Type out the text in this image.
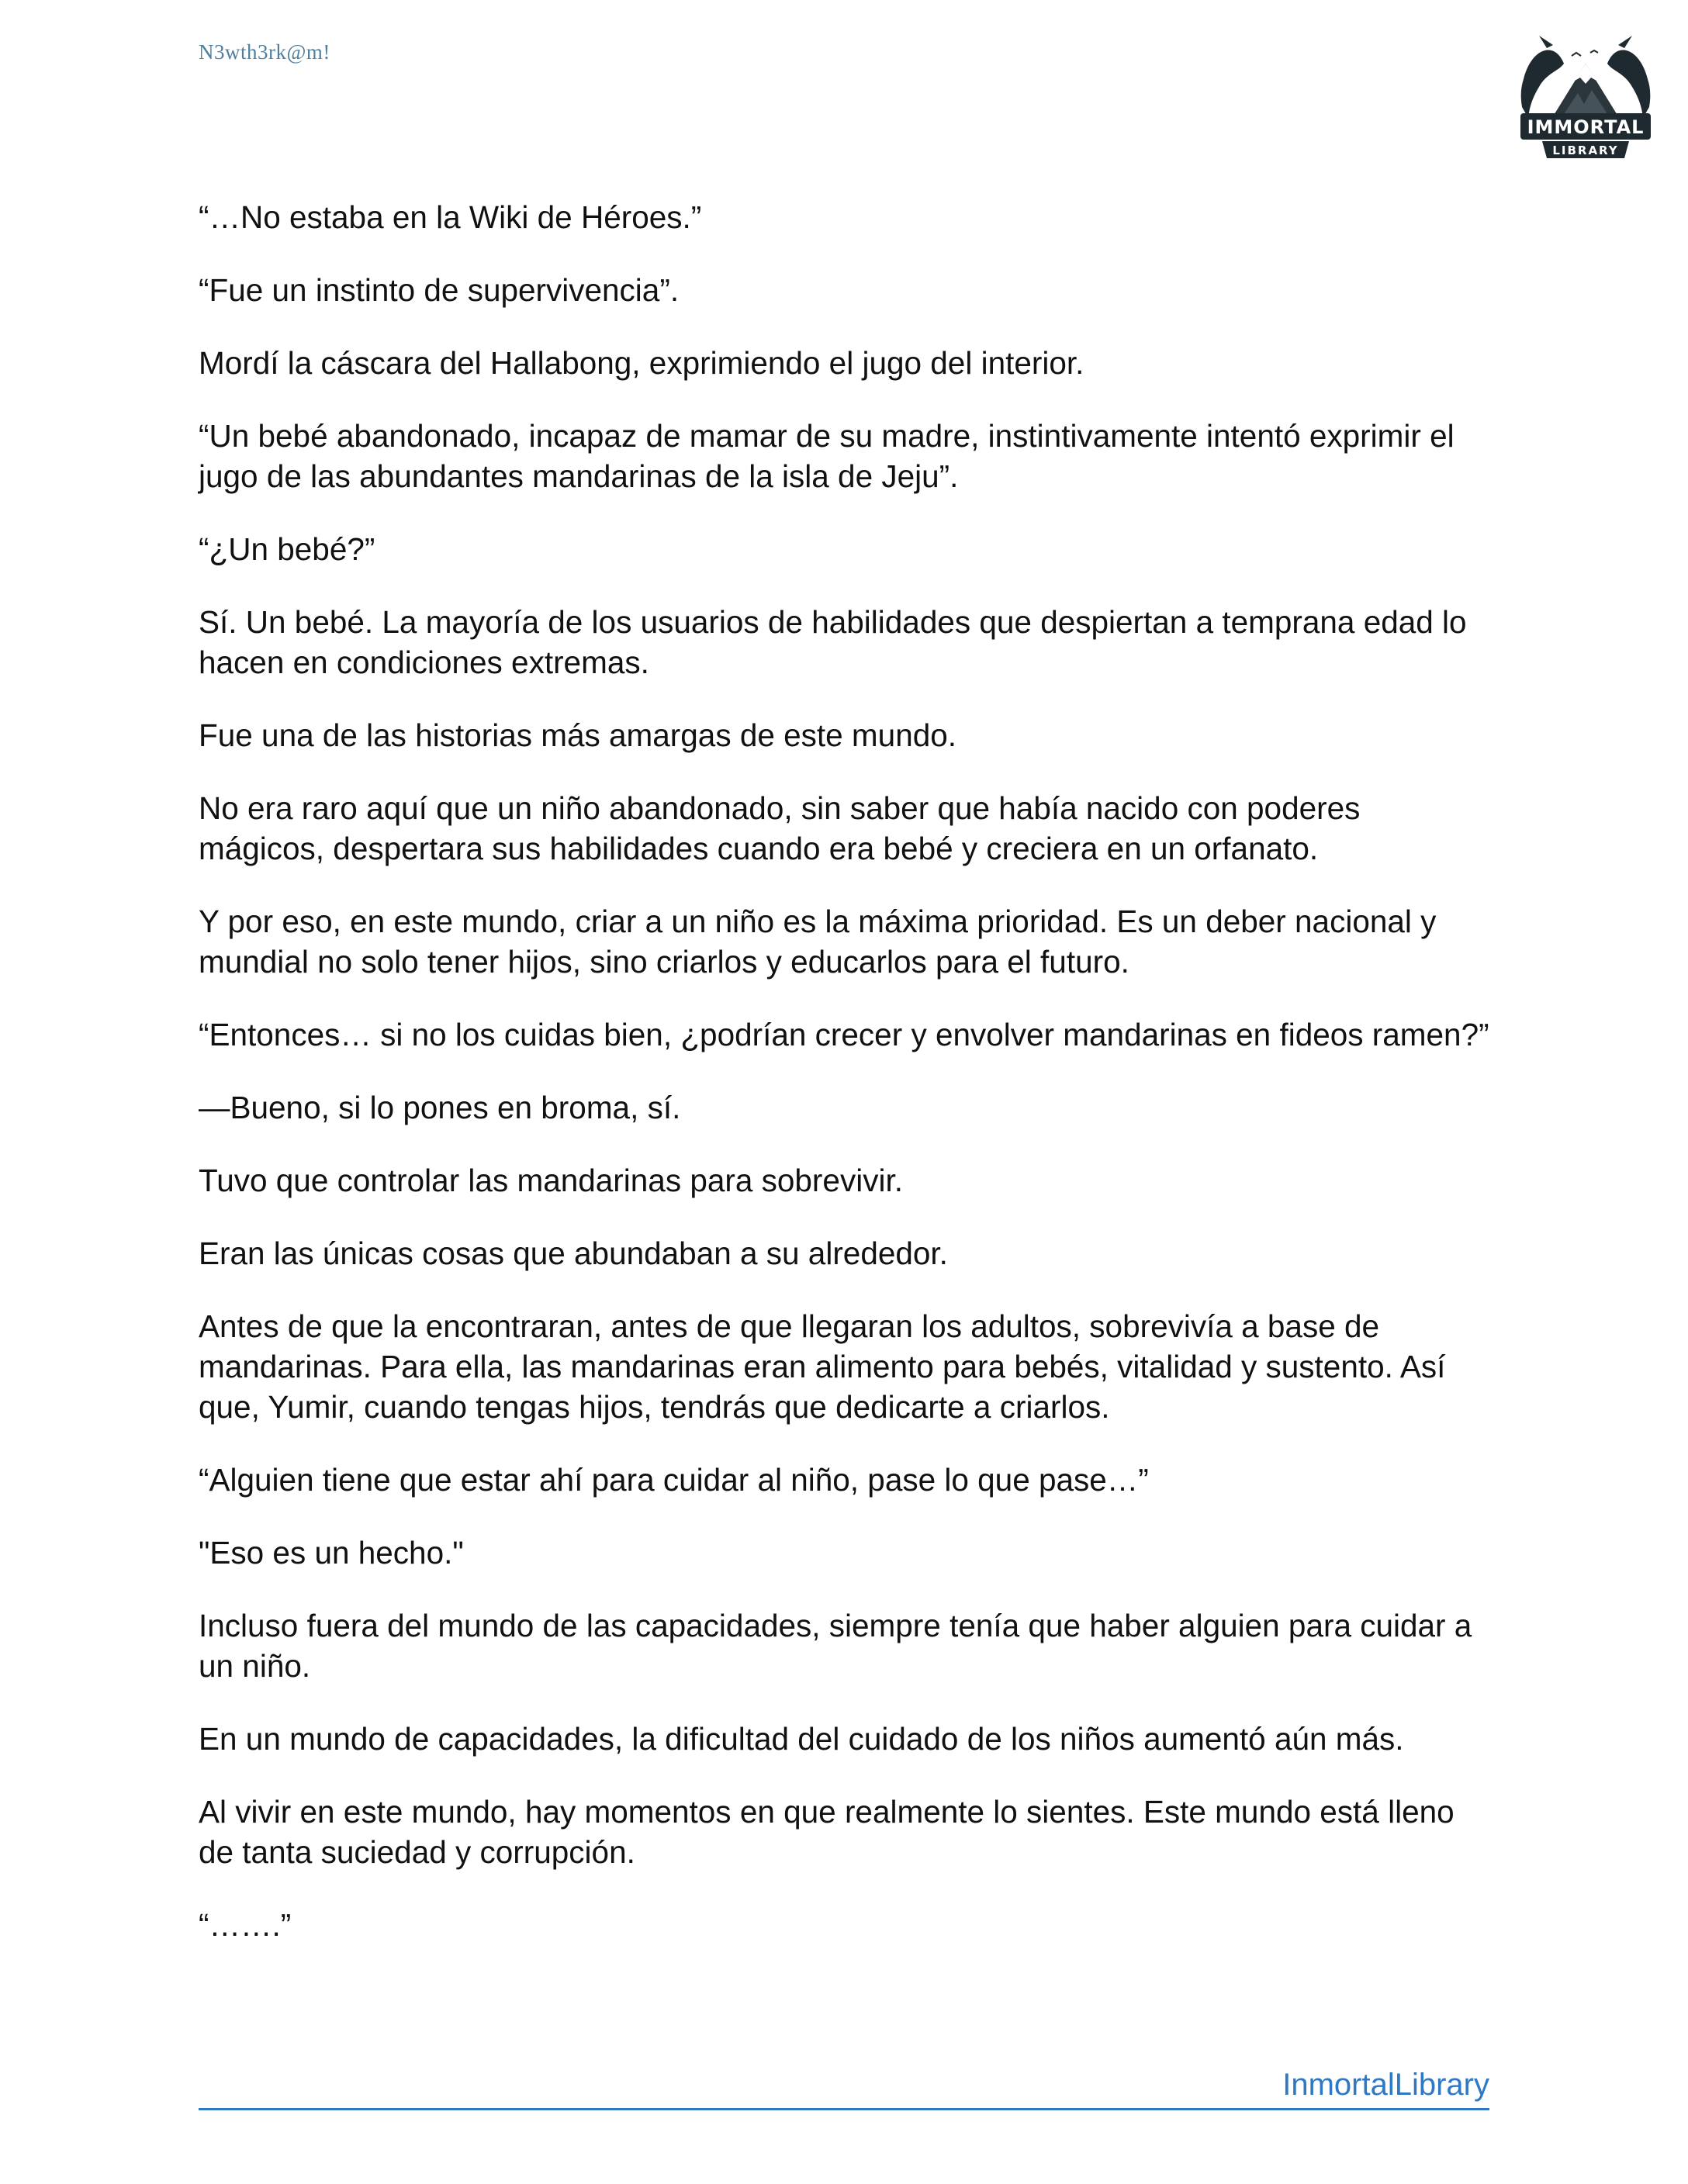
N3wth3rk@m!
IMMORTAL
LIBRARY

“…No estaba en la Wiki de Héroes.”

“Fue un instinto de supervivencia”.

Mordí la cáscara del Hallabong, exprimiendo el jugo del interior.

“Un bebé abandonado, incapaz de mamar de su madre, instintivamente intentó exprimir el jugo de las abundantes mandarinas de la isla de Jeju”.

“¿Un bebé?”

Sí. Un bebé. La mayoría de los usuarios de habilidades que despiertan a temprana edad lo hacen en condiciones extremas.

Fue una de las historias más amargas de este mundo.

No era raro aquí que un niño abandonado, sin saber que había nacido con poderes mágicos, despertara sus habilidades cuando era bebé y creciera en un orfanato.

Y por eso, en este mundo, criar a un niño es la máxima prioridad. Es un deber nacional y mundial no solo tener hijos, sino criarlos y educarlos para el futuro.

“Entonces… si no los cuidas bien, ¿podrían crecer y envolver mandarinas en fideos ramen?”

—Bueno, si lo pones en broma, sí.

Tuvo que controlar las mandarinas para sobrevivir.

Eran las únicas cosas que abundaban a su alrededor.

Antes de que la encontraran, antes de que llegaran los adultos, sobrevivía a base de mandarinas. Para ella, las mandarinas eran alimento para bebés, vitalidad y sustento. Así que, Yumir, cuando tengas hijos, tendrás que dedicarte a criarlos.

“Alguien tiene que estar ahí para cuidar al niño, pase lo que pase…”

"Eso es un hecho."

Incluso fuera del mundo de las capacidades, siempre tenía que haber alguien para cuidar a un niño.

En un mundo de capacidades, la dificultad del cuidado de los niños aumentó aún más.

Al vivir en este mundo, hay momentos en que realmente lo sientes. Este mundo está lleno de tanta suciedad y corrupción.

“…….”

InmortalLibrary
